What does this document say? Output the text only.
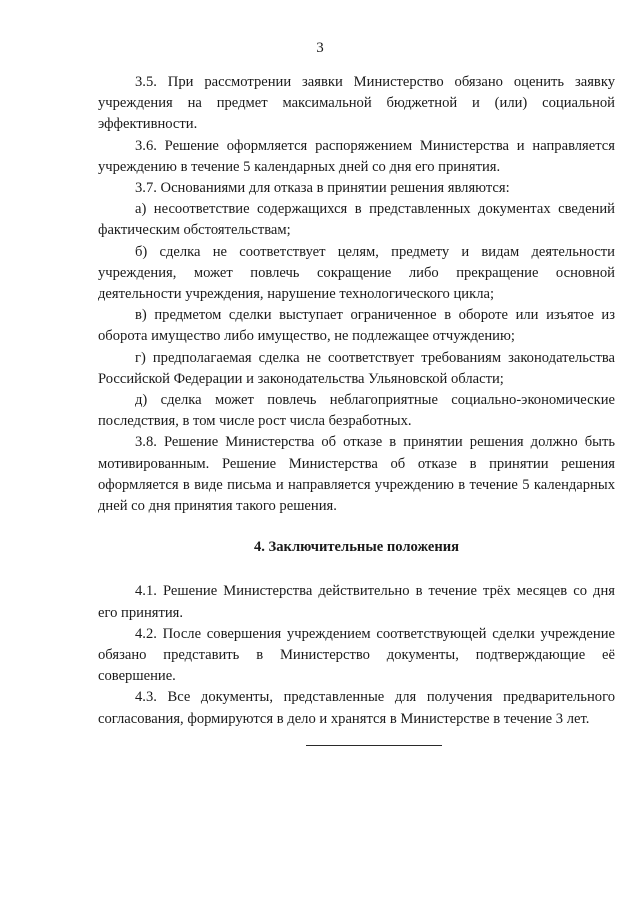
3

3.5. При рассмотрении заявки Министерство обязано оценить заявку учреждения на предмет максимальной бюджетной и (или) социальной эффективности.

3.6. Решение оформляется распоряжением Министерства и направляется учреждению в течение 5 календарных дней со дня его принятия.

3.7. Основаниями для отказа в принятии решения являются:

а) несоответствие содержащихся в представленных документах сведений фактическим обстоятельствам;

б) сделка не соответствует целям, предмету и видам деятельности учреждения, может повлечь сокращение либо прекращение основной деятельности учреждения, нарушение технологического цикла;

в) предметом сделки выступает ограниченное в обороте или изъятое из оборота имущество либо имущество, не подлежащее отчуждению;

г) предполагаемая сделка не соответствует требованиям законодательства Российской Федерации и законодательства Ульяновской области;

д) сделка может повлечь неблагоприятные социально-экономические последствия, в том числе рост числа безработных.

3.8. Решение Министерства об отказе в принятии решения должно быть мотивированным. Решение Министерства об отказе в принятии решения оформляется в виде письма и направляется учреждению в течение 5 календарных дней со дня принятия такого решения.

4. Заключительные положения

4.1. Решение Министерства действительно в течение трёх месяцев со дня его принятия.

4.2. После совершения учреждением соответствующей сделки учреждение обязано представить в Министерство документы, подтверждающие её совершение.

4.3. Все документы, представленные для получения предварительного согласования, формируются в дело и хранятся в Министерстве в течение 3 лет.
